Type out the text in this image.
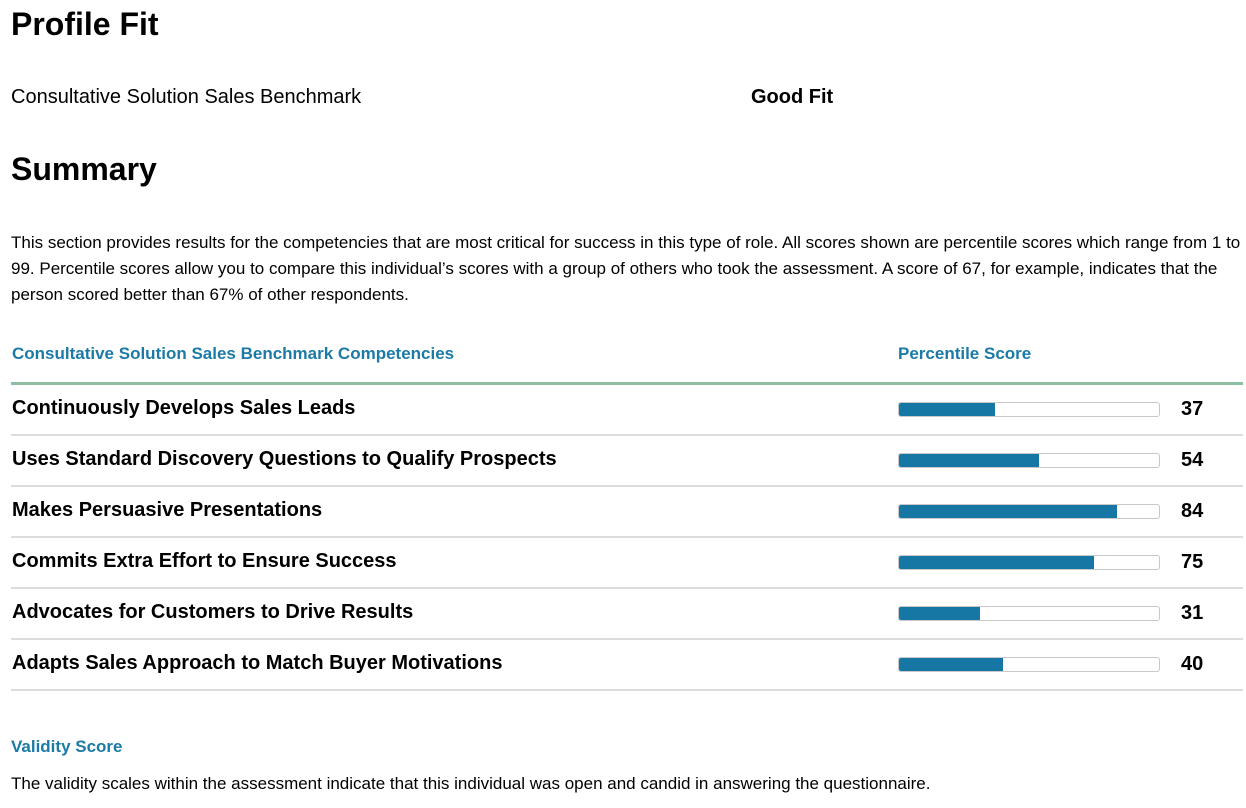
Profile Fit
Consultative Solution Sales Benchmark	Good Fit
Summary

This section provides results for the competencies that are most critical for success in this type of role. All scores shown are percentile scores which range from 1 to 99. Percentile scores allow you to compare this individual’s scores with a group of others who took the assessment. A score of 67, for example, indicates that the person scored better than 67% of other respondents.

Consultative Solution Sales Benchmark Competencies	Percentile Score
Continuously Develops Sales Leads	37
Uses Standard Discovery Questions to Qualify Prospects	54
Makes Persuasive Presentations	84
Commits Extra Effort to Ensure Success	75
Advocates for Customers to Drive Results	31
Adapts Sales Approach to Match Buyer Motivations	40
Validity Score
The validity scales within the assessment indicate that this individual was open and candid in answering the questionnaire.
